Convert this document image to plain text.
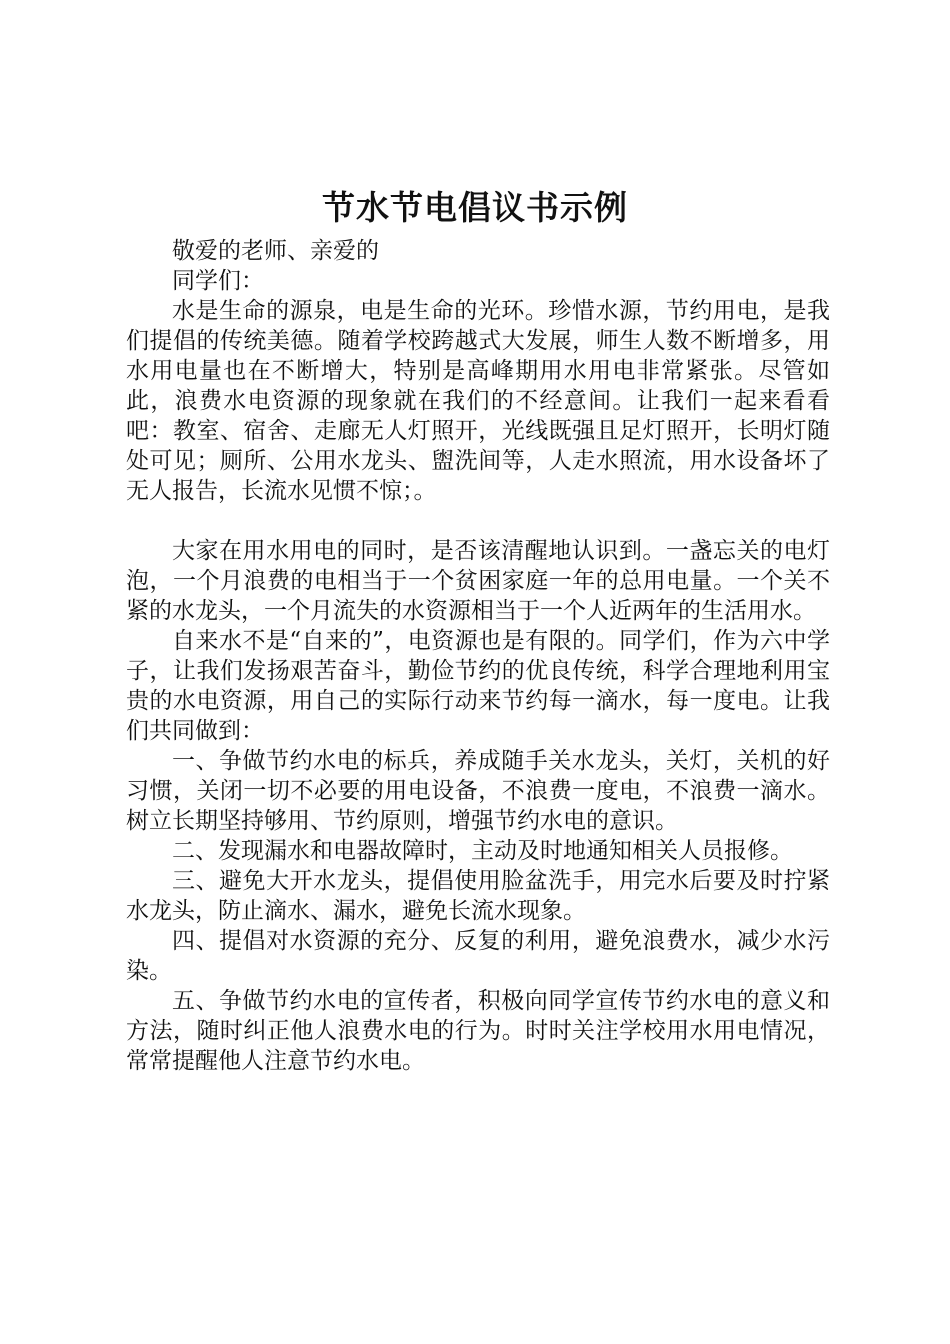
节水节电倡议书示例

敬爱的老师、亲爱的

同学们：

水是生命的源泉，电是生命的光环。珍惜水源，节约用电，是我们提倡的传统美德。随着学校跨越式大发展，师生人数不断增多，用水用电量也在不断增大，特别是高峰期用水用电非常紧张。尽管如此，浪费水电资源的现象就在我们的不经意间。让我们一起来看看吧：教室、宿舍、走廊无人灯照开，光线既强且足灯照开，长明灯随处可见；厕所、公用水龙头、盥洗间等，人走水照流，用水设备坏了无人报告，长流水见惯不惊；。

大家在用水用电的同时，是否该清醒地认识到。一盏忘关的电灯泡，一个月浪费的电相当于一个贫困家庭一年的总用电量。一个关不紧的水龙头，一个月流失的水资源相当于一个人近两年的生活用水。

自来水不是“自来的”，电资源也是有限的。同学们，作为六中学子，让我们发扬艰苦奋斗，勤俭节约的优良传统，科学合理地利用宝贵的水电资源，用自己的实际行动来节约每一滴水，每一度电。让我们共同做到：

一、争做节约水电的标兵，养成随手关水龙头，关灯，关机的好习惯，关闭一切不必要的用电设备，不浪费一度电，不浪费一滴水。树立长期坚持够用、节约原则，增强节约水电的意识。

二、发现漏水和电器故障时，主动及时地通知相关人员报修。

三、避免大开水龙头，提倡使用脸盆洗手，用完水后要及时拧紧水龙头，防止滴水、漏水，避免长流水现象。

四、提倡对水资源的充分、反复的利用，避免浪费水，减少水污染。

五、争做节约水电的宣传者，积极向同学宣传节约水电的意义和方法，随时纠正他人浪费水电的行为。时时关注学校用水用电情况，常常提醒他人注意节约水电。
